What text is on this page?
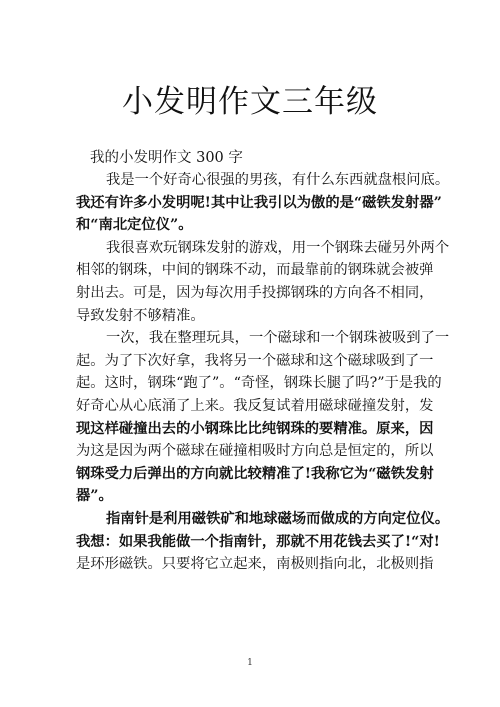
小发明作文三年级

我的小发明作文 300 字

我是一个好奇心很强的男孩，有什么东西就盘根问底。
我还有许多小发明呢!其中让我引以为傲的是“磁铁发射器”
和“南北定位仪”。
我很喜欢玩钢珠发射的游戏，用一个钢珠去碰另外两个
相邻的钢珠，中间的钢珠不动，而最靠前的钢珠就会被弹
射出去。可是，因为每次用手投掷钢珠的方向各不相同，
导致发射不够精准。
一次，我在整理玩具，一个磁球和一个钢珠被吸到了一
起。为了下次好拿，我将另一个磁球和这个磁球吸到了一
起。这时，钢珠“跑了”。“奇怪，钢珠长腿了吗?”于是我的
好奇心从心底涌了上来。我反复试着用磁球碰撞发射，发
现这样碰撞出去的小钢珠比比纯钢珠的要精准。原来，因
为这是因为两个磁球在碰撞相吸时方向总是恒定的，所以
钢珠受力后弹出的方向就比较精准了!我称它为“磁铁发射
器”。
指南针是利用磁铁矿和地球磁场而做成的方向定位仪。
我想：如果我能做一个指南针，那就不用花钱去买了!“对!
是环形磁铁。只要将它立起来，南极则指向北，北极则指
1
